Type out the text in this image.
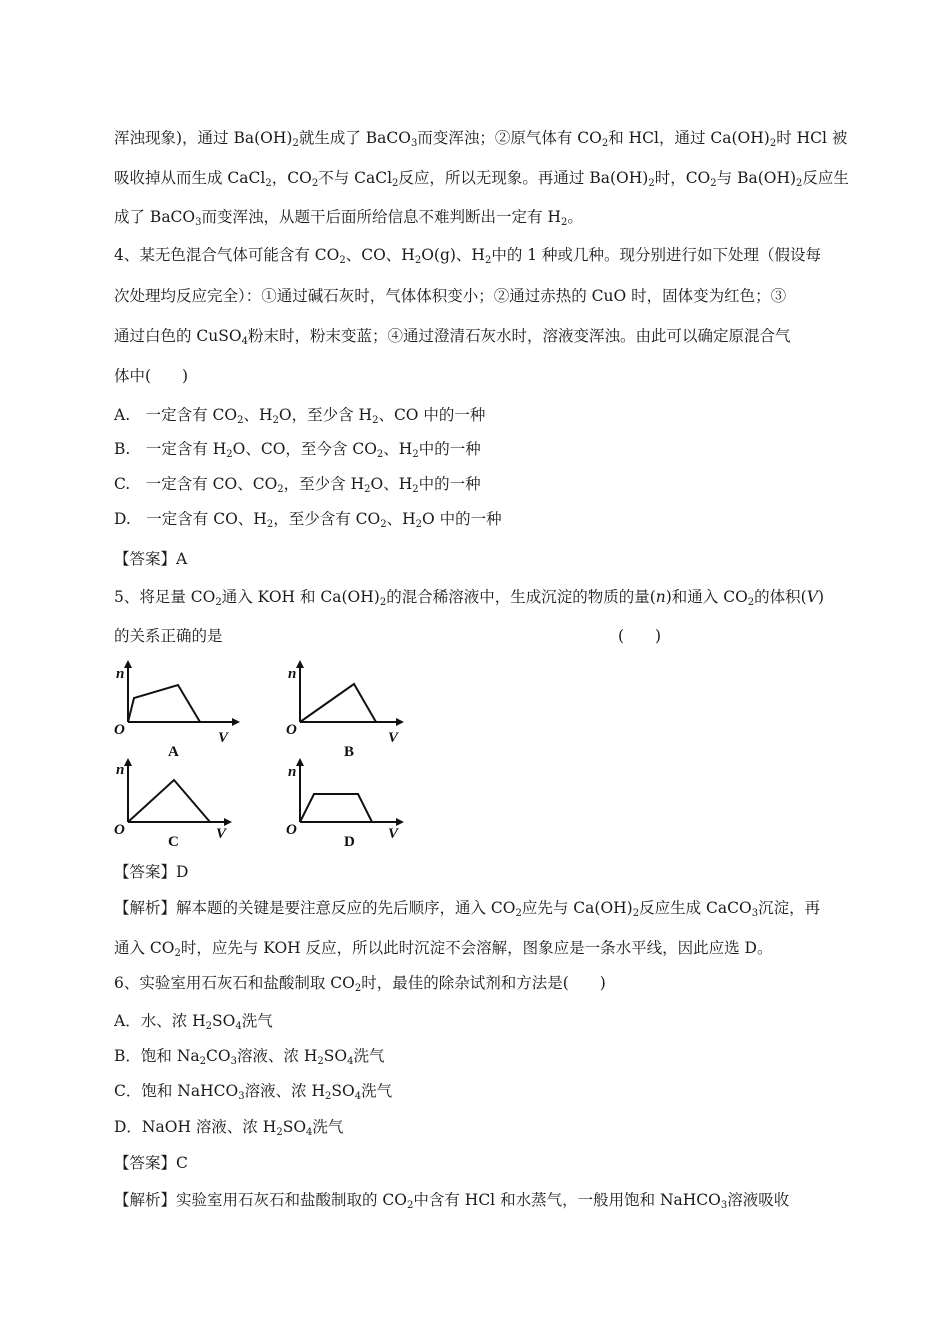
浑浊现象)，通过 $Ba(OH)_2$就生成了 BaCO$_3$而变浑浊；②原气体有 $CO_2$和 HCl，通过 $Ca(OH)_2$时 HCl 被
吸收掉从而生成 CaCl$_2$，$CO_2$不与 CaCl$_2$反应，所以无现象。再通过 $Ba(OH)_2$时，$CO_2$与 $Ba(OH)_2$反应生
成了 BaCO$_3$而变浑浊，从题干后面所给信息不难判断出一定有 $H_2$。
4、某无色混合气体可能含有 $CO_2$、CO、$H_2O(g)$、$H_2$中的 1 种或几种。现分别进行如下处理（假设每
次处理均反应完全）：①通过碱石灰时，气体体积变小；②通过赤热的 CuO 时，固体变为红色；③
通过白色的 CuSO$_4$粉末时，粉末变蓝；④通过澄清石灰水时，溶液变浑浊。由此可以确定原混合气
体中(　　)
A.　一定含有 $CO_2$、$H_2O$，至少含 $H_2$、CO 中的一种
B.　一定含有 $H_2O$、CO，至今含 $CO_2$、$H_2$中的一种
C.　一定含有 CO、$CO_2$，至少含 $H_2O$、$H_2$中的一种
D.　一定含有 CO、$H_2$，至少含有 $CO_2$、$H_2O$ 中的一种
【答案】A
5、将足量 $CO_2$通入 KOH 和 $Ca(OH)_2$的混合稀溶液中，生成沉淀的物质的量(n)和通入 $CO_2$的体积(V)
的关系正确的是	(　　)
n
O	V
A
n
O	V
B
n
O	V
C
n
O	V
D
【答案】D
【解析】解本题的关键是要注意反应的先后顺序，通入 $CO_2$应先与 $Ca(OH)_2$反应生成 CaCO$_3$沉淀，再
通入 $CO_2$时，应先与 KOH 反应，所以此时沉淀不会溶解，图象应是一条水平线，因此应选 D。
6、实验室用石灰石和盐酸制取 $CO_2$时，最佳的除杂试剂和方法是(　　)
A．水、浓 $H_2SO_4$洗气
B．饱和 $Na_2CO_3$溶液、浓 $H_2SO_4$洗气
C．饱和 NaHCO$_3$溶液、浓 $H_2SO_4$洗气
D．NaOH 溶液、浓 $H_2SO_4$洗气
【答案】C
【解析】实验室用石灰石和盐酸制取的 $CO_2$中含有 HCl 和水蒸气，一般用饱和 NaHCO$_3$溶液吸收
